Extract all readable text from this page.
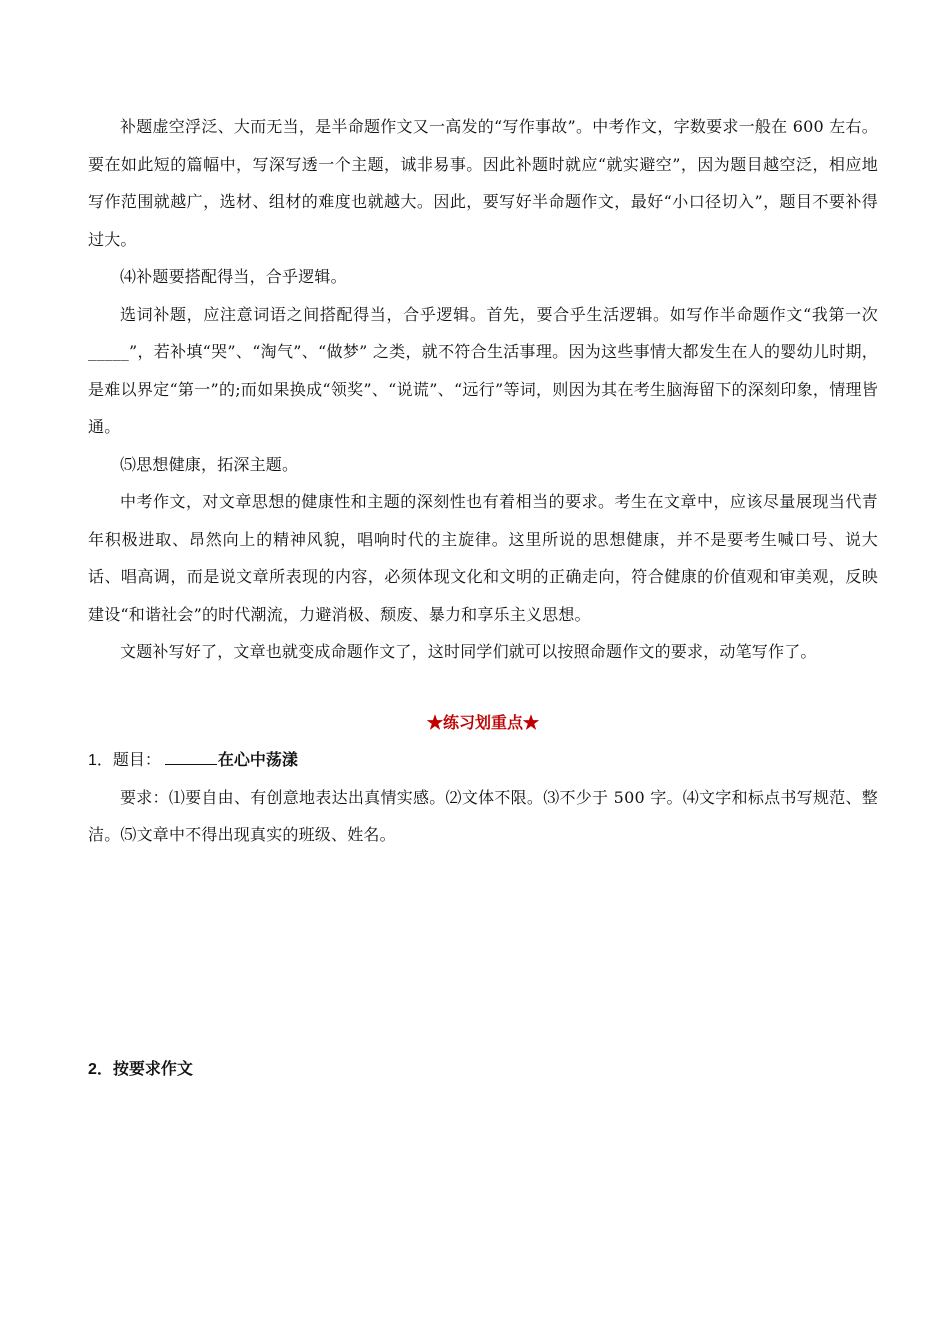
补题虚空浮泛、大而无当，是半命题作文又一高发的“写作事故”。中考作文，字数要求一般在 600 左右。要在如此短的篇幅中，写深写透一个主题，诚非易事。因此补题时就应“就实避空”，因为题目越空泛，相应地写作范围就越广，选材、组材的难度也就越大。因此，要写好半命题作文，最好“小口径切入”，题目不要补得过大。

⑷补题要搭配得当，合乎逻辑。

选词补题，应注意词语之间搭配得当，合乎逻辑。首先，要合乎生活逻辑。如写作半命题作文“我第一次_____”，若补填“哭”、“淘气”、“做梦” 之类，就不符合生活事理。因为这些事情大都发生在人的婴幼儿时期，是难以界定“第一”的;而如果换成“领奖”、“说谎”、“远行”等词，则因为其在考生脑海留下的深刻印象，情理皆通。

⑸思想健康，拓深主题。

中考作文，对文章思想的健康性和主题的深刻性也有着相当的要求。考生在文章中，应该尽量展现当代青年积极进取、昂然向上的精神风貌，唱响时代的主旋律。这里所说的思想健康，并不是要考生喊口号、说大话、唱高调，而是说文章所表现的内容，必须体现文化和文明的正确走向，符合健康的价值观和审美观，反映建设“和谐社会”的时代潮流，力避消极、颓废、暴力和享乐主义思想。

文题补写好了，文章也就变成命题作文了，这时同学们就可以按照命题作文的要求，动笔写作了。

★练习划重点★
1．题目：	在心中荡漾

要求：⑴要自由、有创意地表达出真情实感。⑵文体不限。⑶不少于 500 字。⑷文字和标点书写规范、整洁。⑸文章中不得出现真实的班级、姓名。

2．按要求作文
